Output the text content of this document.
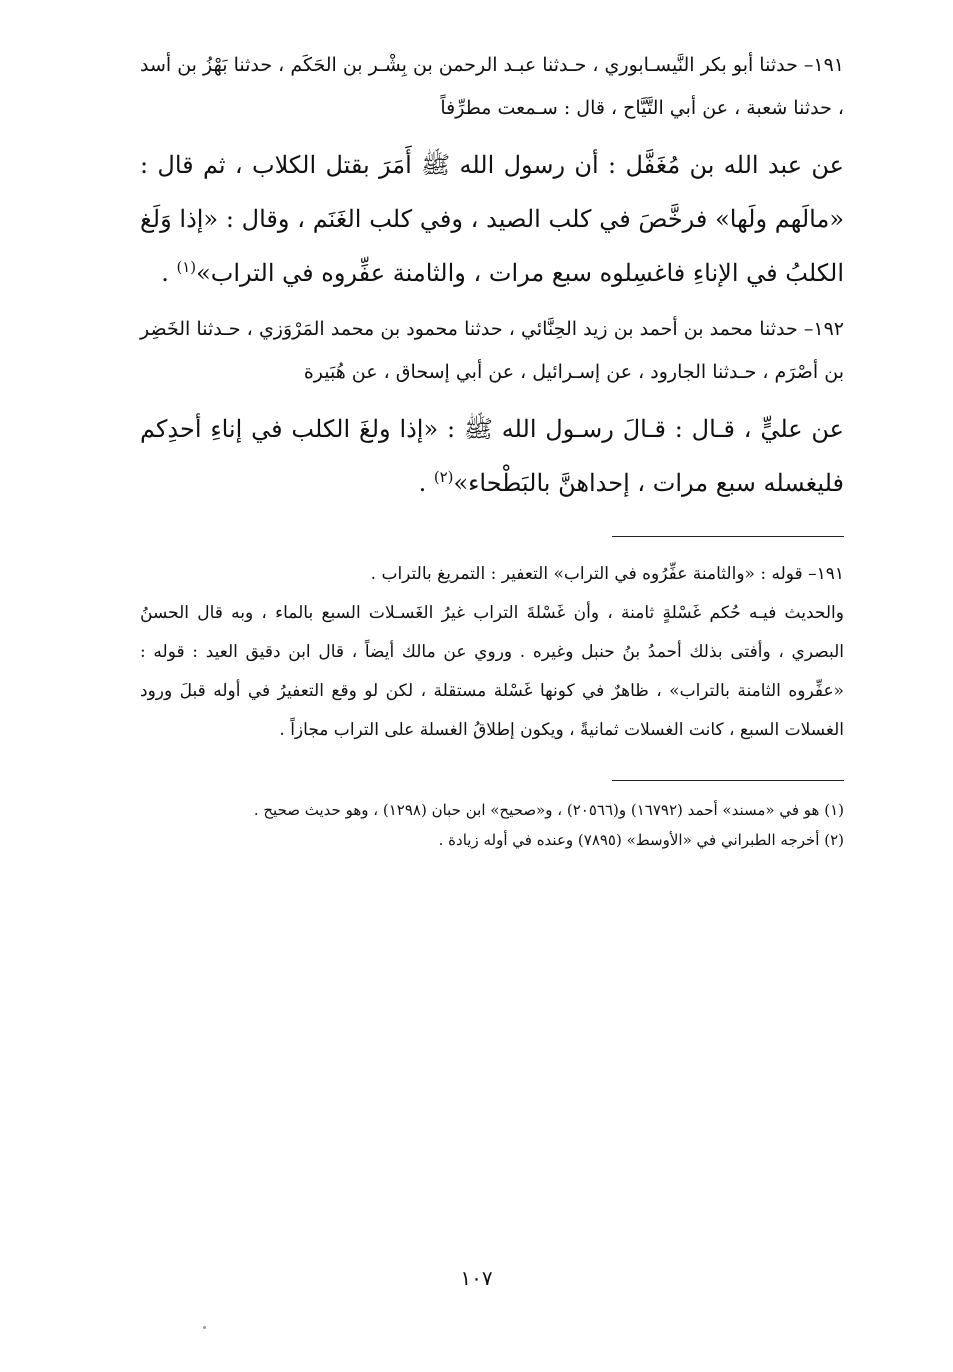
١٩١– حدثنا أبو بكر النَّيسـابوري ، حـدثنا عبـد الرحمن بن بِشْـر بن الحَكَم ، حدثنا بَهْزُ بن أسد ، حدثنا شعبة ، عن أبي التَّيَّاح ، قال : سـمعت مطرِّفاً

عن عبد الله بن مُغَفَّل : أن رسول الله ﷺ أَمَرَ بقتل الكلاب ، ثم قال : «مالَهم ولَها» فرخَّصَ في كلب الصيد ، وفي كلب الغَنَم ، وقال : «إذا وَلَغ الكلبُ في الإناءِ فاغسِلوه سبع مرات ، والثامنة عفِّروه في التراب»$^{(١)}$ .

١٩٢– حدثنا محمد بن أحمد بن زيد الحِنَّائي ، حدثنا محمود بن محمد المَرْوَزي ، حـدثنا الخَضِر بن أصْرَم ، حـدثنا الجارود ، عن إسـرائيل ، عن أبي إسحاق ، عن هُبَيرة

عن عليٍّ ، قـال : قـالَ رسـول الله ﷺ : «إذا ولغَ الكلب في إناءِ أحدِكم فليغسله سبع مرات ، إحداهنَّ بالبَطْحاء»$^{(٢)}$ .

١٩١– قوله : «والثامنة عفِّرُوه في التراب» التعفير : التمريغ بالتراب .

والحديث فيـه حُكم غَسْلةٍ ثامنة ، وأن غَسْلةَ التراب غيرُ الغَسـلات السبع بالماء ، وبه قال الحسنُ البصري ، وأفتى بذلك أحمدُ بنُ حنبل وغيره . وروي عن مالك أيضاً ، قال ابن دقيق العيد : قوله : «عفِّروه الثامنة بالتراب» ، ظاهرٌ في كونها غَسْلة مستقلة ، لكن لو وقع التعفيرُ في أوله قبلَ ورود الغسلات السبع ، كانت الغسلات ثمانيةً ، ويكون إطلاقُ الغسلة على التراب مجازاً .

(١) هو في «مسند» أحمد (١٦٧٩٢) و(٢٠٥٦٦) ، و«صحيح» ابن حبان (١٢٩٨) ، وهو حديث صحيح .

(٢) أخرجه الطبراني في «الأوسط» (٧٨٩٥) وعنده في أوله زيادة .

١٠٧
